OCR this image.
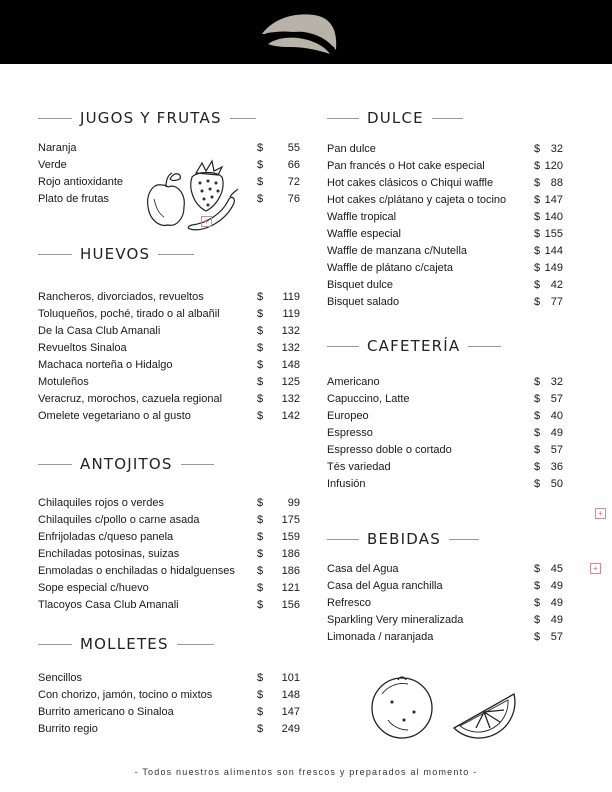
JUGOS Y FRUTAS
Naranja	$	55
Verde	$	66
Rojo antioxidante	$	72
Plato de frutas	$	76
HUEVOS
Rancheros, divorciados, revueltos	$	119
Toluqueños, poché, tirado o al albañil	$	119
De la Casa Club Amanali	$	132
Revueltos Sinaloa	$	132
Machaca norteña o Hidalgo	$	148
Motuleños	$	125
Veracruz, morochos, cazuela regional	$	132
Omelete vegetariano o al gusto	$	142
ANTOJITOS
Chilaquiles rojos o verdes	$	99
Chilaquiles c/pollo o carne asada	$	175
Enfrijoladas c/queso panela	$	159
Enchiladas potosinas, suizas	$	186
Enmoladas o enchiladas o hidalguenses $	186
Sope especial c/huevo	$	121
Tlacoyos Casa Club Amanali	$	156
MOLLETES
Sencillos	$	101
Con chorizo, jamón, tocino o mixtos	$	148
Burrito americano o Sinaloa	$	147
Burrito regio	$	249
DULCE
Pan dulce	$ 32
Pan francés o Hot cake especial	$ 120
Hot cakes clásicos o Chiqui waffle	$ 88
Hot cakes c/plátano y cajeta o tocino	$ 147
Waffle tropical	$ 140
Waffle especial	$ 155
Waffle de manzana c/Nutella	$ 144
Waffle de plátano c/cajeta	$ 149
Bisquet dulce	$ 42
Bisquet salado	$ 77
CAFETERÍA
Americano	$ 32
Capuccino, Latte	$ 57
Europeo	$ 40
Espresso	$ 49
Espresso doble o cortado	$ 57
Tés variedad	$ 36
Infusión	$ 50
BEBIDAS
Casa del Agua	$ 45
Casa del Agua ranchilla	$ 49
Refresco	$ 49
Sparkling Very mineralizada	$ 49
Limonada / naranjada	$ 57
+
+
+
- Todos nuestros alimentos son frescos y preparados al momento -
